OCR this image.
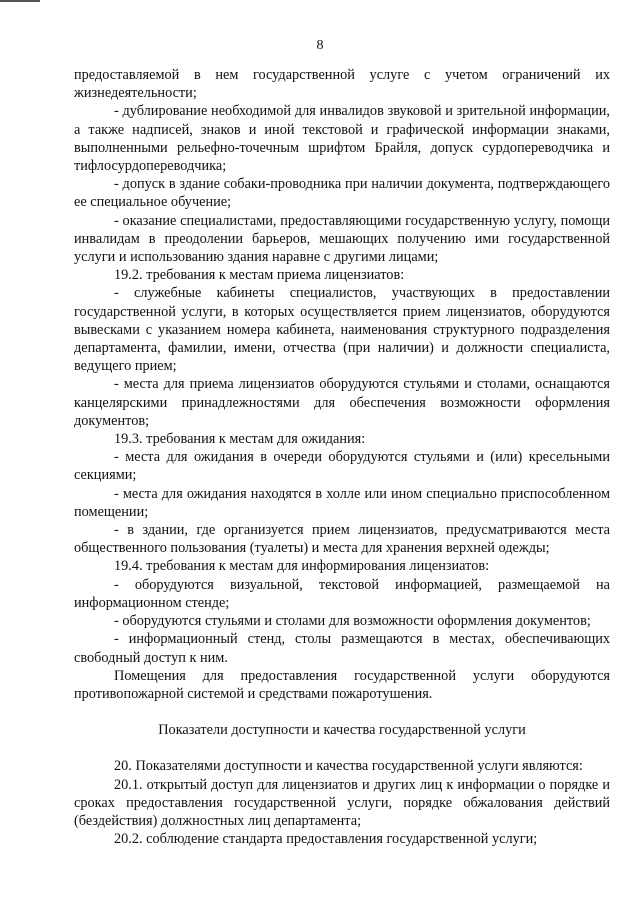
8

предоставляемой в нем государственной услуге с учетом ограничений их жизнедеятельности;

- дублирование необходимой для инвалидов звуковой и зрительной информации, а также надписей, знаков и иной текстовой и графической информации знаками, выполненными рельефно-точечным шрифтом Брайля, допуск сурдопереводчика и тифлосурдопереводчика;

- допуск в здание собаки-проводника при наличии документа, подтверждающего ее специальное обучение;

- оказание специалистами, предоставляющими государственную услугу, помощи инвалидам в преодолении барьеров, мешающих получению ими государственной услуги и использованию здания наравне с другими лицами;

19.2. требования к местам приема лицензиатов:

- служебные кабинеты специалистов, участвующих в предоставлении государственной услуги, в которых осуществляется прием лицензиатов, оборудуются вывесками с указанием номера кабинета, наименования структурного подразделения департамента, фамилии, имени, отчества (при наличии) и должности специалиста, ведущего прием;

- места для приема лицензиатов оборудуются стульями и столами, оснащаются канцелярскими принадлежностями для обеспечения возможности оформления документов;

19.3. требования к местам для ожидания:

- места для ожидания в очереди оборудуются стульями и (или) кресельными секциями;

- места для ожидания находятся в холле или ином специально приспособленном помещении;

- в здании, где организуется прием лицензиатов, предусматриваются места общественного пользования (туалеты) и места для хранения верхней одежды;

19.4. требования к местам для информирования лицензиатов:

- оборудуются визуальной, текстовой информацией, размещаемой на информационном стенде;

- оборудуются стульями и столами для возможности оформления документов;

- информационный стенд, столы размещаются в местах, обеспечивающих свободный доступ к ним.

Помещения для предоставления государственной услуги оборудуются противопожарной системой и средствами пожаротушения.

Показатели доступности и качества государственной услуги

20. Показателями доступности и качества государственной услуги являются:

20.1. открытый доступ для лицензиатов и других лиц к информации о порядке и сроках предоставления государственной услуги, порядке обжалования действий (бездействия) должностных лиц департамента;

20.2. соблюдение стандарта предоставления государственной услуги;
